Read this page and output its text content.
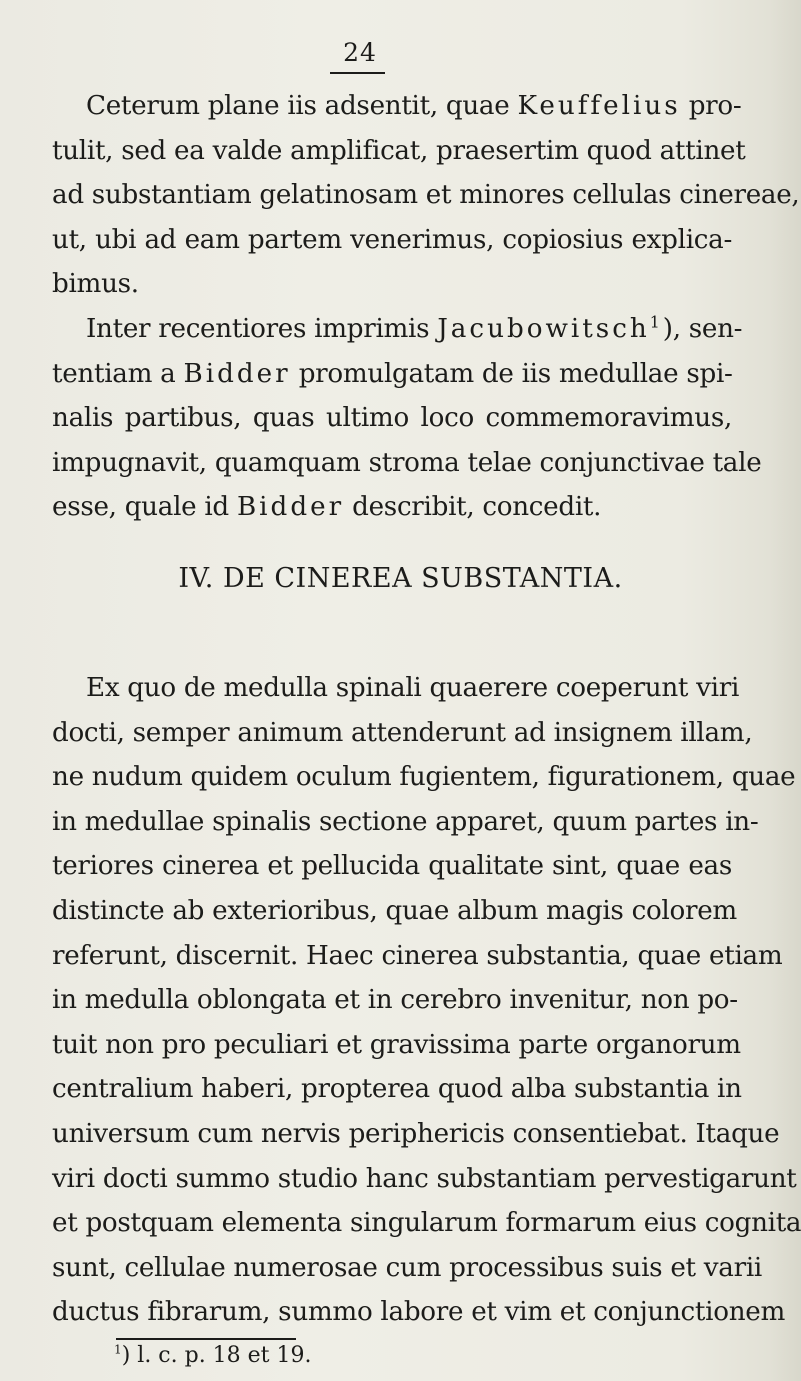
24
Ceterum plane iis adsentit, quae Keuffelius pro-
tulit, sed ea valde amplificat, praesertim quod attinet
ad substantiam gelatinosam et minores cellulas cinereae,
ut, ubi ad eam partem venerimus, copiosius explica-
bimus.
Inter recentiores imprimis Jacubowitsch$^1$), sen-
tentiam a Bidder promulgatam de iis medullae spi-
nalis partibus, quas ultimo loco commemoravimus,
impugnavit, quamquam stroma telae conjunctivae tale
esse, quale id Bidder describit, concedit.
IV. DE CINEREA SUBSTANTIA.
Ex quo de medulla spinali quaerere coeperunt viri
docti, semper animum attenderunt ad insignem illam,
ne nudum quidem oculum fugientem, figurationem, quae
in medullae spinalis sectione apparet, quum partes in-
teriores cinerea et pellucida qualitate sint, quae eas
distincte ab exterioribus, quae album magis colorem
referunt, discernit. Haec cinerea substantia, quae etiam
in medulla oblongata et in cerebro invenitur, non po-
tuit non pro peculiari et gravissima parte organorum
centralium haberi, propterea quod alba substantia in
universum cum nervis periphericis consentiebat. Itaque
viri docti summo studio hanc substantiam pervestigarunt
et postquam elementa singularum formarum eius cognita
sunt, cellulae numerosae cum processibus suis et varii
ductus fibrarum, summo labore et vim et conjunctionem
$^1$) l. c. p. 18 et 19.
